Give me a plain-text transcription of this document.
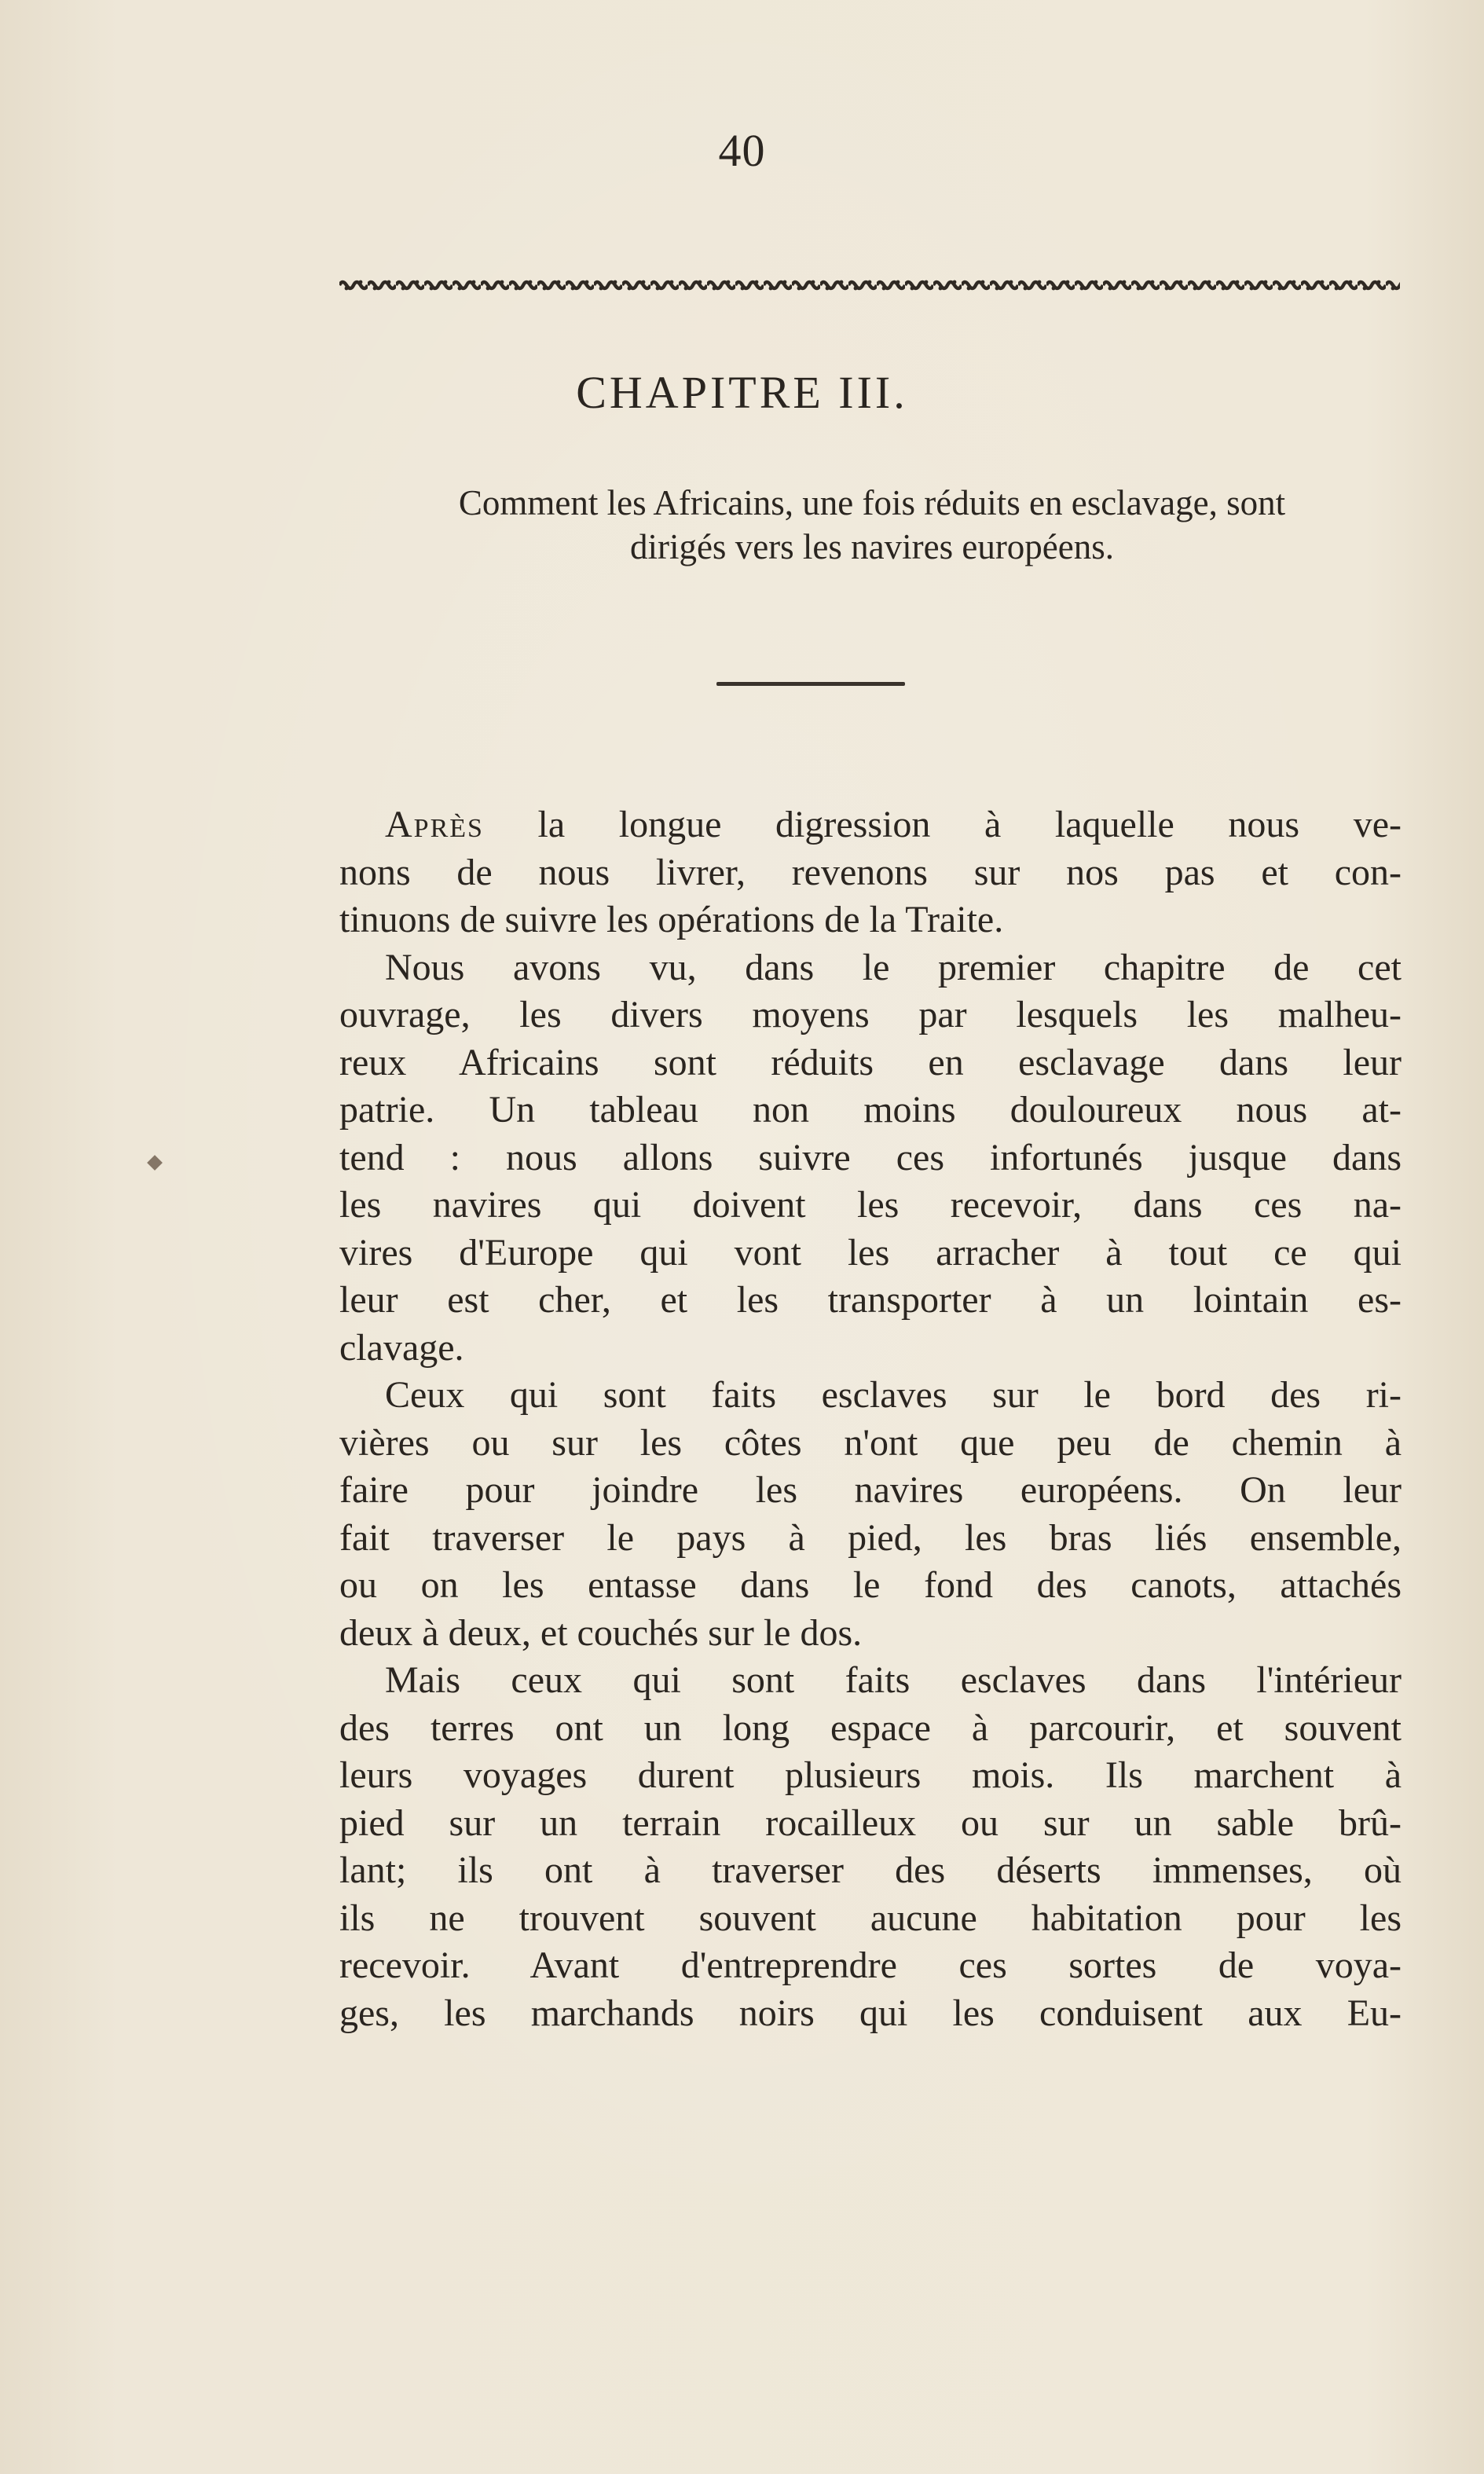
40
CHAPITRE III.

Comment les Africains, une fois réduits en esclavage, sont
dirigés vers les navires européens.

Après la longue digression à laquelle nous ve-
nons de nous livrer, revenons sur nos pas et con-
tinuons de suivre les opérations de la Traite.
Nous avons vu, dans le premier chapitre de cet
ouvrage, les divers moyens par lesquels les malheu-
reux Africains sont réduits en esclavage dans leur
patrie. Un tableau non moins douloureux nous at-
tend : nous allons suivre ces infortunés jusque dans
les navires qui doivent les recevoir, dans ces na-
vires d'Europe qui vont les arracher à tout ce qui
leur est cher, et les transporter à un lointain es-
clavage.
Ceux qui sont faits esclaves sur le bord des ri-
vières ou sur les côtes n'ont que peu de chemin à
faire pour joindre les navires européens. On leur
fait traverser le pays à pied, les bras liés ensemble,
ou on les entasse dans le fond des canots, attachés
deux à deux, et couchés sur le dos.
Mais ceux qui sont faits esclaves dans l'intérieur
des terres ont un long espace à parcourir, et souvent
leurs voyages durent plusieurs mois. Ils marchent à
pied sur un terrain rocailleux ou sur un sable brû-
lant; ils ont à traverser des déserts immenses, où
ils ne trouvent souvent aucune habitation pour les
recevoir. Avant d'entreprendre ces sortes de voya-
ges, les marchands noirs qui les conduisent aux Eu-
